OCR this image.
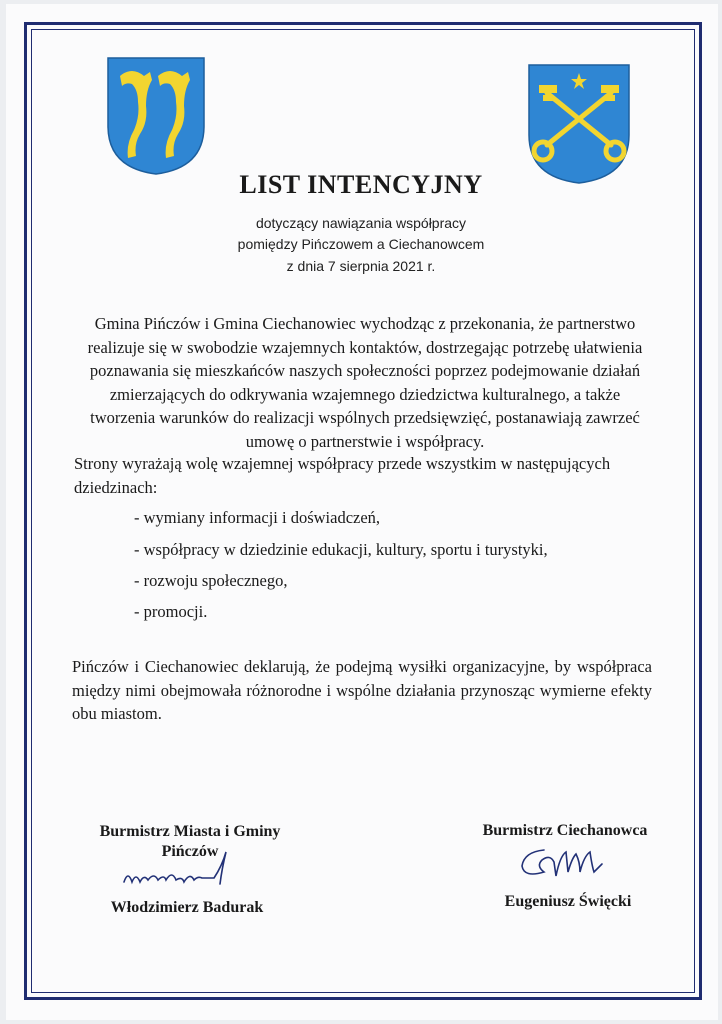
LIST INTENCYJNY
dotyczący nawiązania współpracy
pomiędzy Pińczowem a Ciechanowcem
z dnia 7 sierpnia 2021 r.
Gmina Pińczów i Gmina Ciechanowiec wychodząc z przekonania, że partnerstwo realizuje się w swobodzie wzajemnych kontaktów, dostrzegając potrzebę ułatwienia poznawania się mieszkańców naszych społeczności poprzez podejmowanie działań zmierzających do odkrywania wzajemnego dziedzictwa kulturalnego, a także tworzenia warunków do realizacji wspólnych przedsięwzięć, postanawiają zawrzeć umowę o partnerstwie i współpracy.
Strony wyrażają wolę wzajemnej współpracy przede wszystkim w następujących dziedzinach:
- wymiany informacji i doświadczeń,
- współpracy w dziedzinie edukacji, kultury, sportu i turystyki,
- rozwoju społecznego,
- promocji.
Pińczów i Ciechanowiec deklarują, że podejmą wysiłki organizacyjne, by współpraca między nimi obejmowała różnorodne i wspólne działania przynosząc wymierne efekty obu miastom.
Burmistrz Miasta i Gminy
Pińczów
Włodzimierz Badurak
Burmistrz Ciechanowca
Eugeniusz Święcki
